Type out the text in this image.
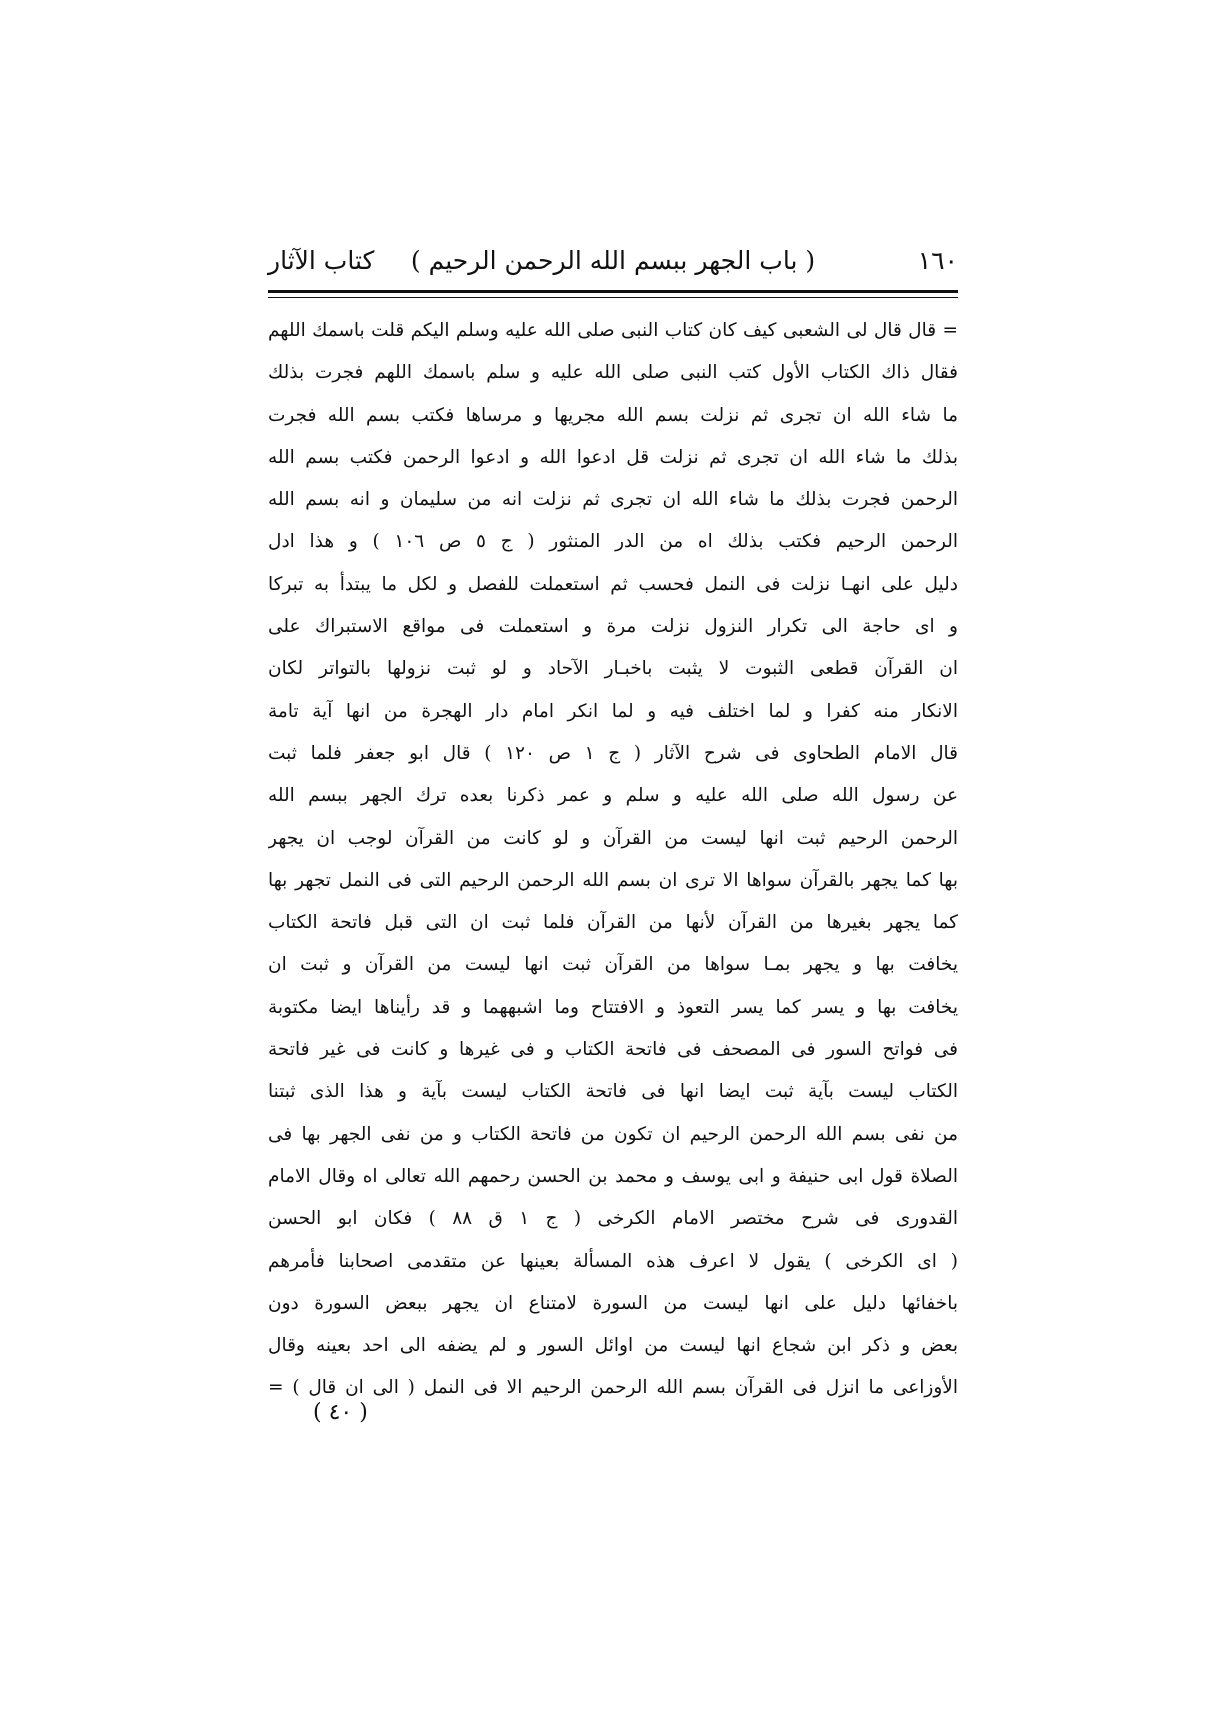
١٦٠
( باب الجهر ببسم الله الرحمن الرحيم )
كتاب الآثار
= قال قال لى الشعبى كيف كان كتاب النبى صلى الله عليه وسلم اليكم قلت باسمك اللهم
فقال ذاك الكتاب الأول كتب النبى صلى الله عليه و سلم باسمك اللهم فجرت بذلك
ما شاء الله ان تجرى ثم نزلت بسم الله مجريها و مرساها فكتب بسم الله فجرت
بذلك ما شاء الله ان تجرى ثم نزلت قل ادعوا الله و ادعوا الرحمن فكتب بسم الله
الرحمن فجرت بذلك ما شاء الله ان تجرى ثم نزلت انه من سليمان و انه بسم الله
الرحمن الرحيم فكتب بذلك اه من الدر المنثور ( ج ٥ ص ١٠٦ ) و هذا ادل
دليل على انهـا نزلت فى النمل فحسب ثم استعملت للفصل و لكل ما يبتدأ به تبركا
و اى حاجة الى تكرار النزول نزلت مرة و استعملت فى مواقع الاستبراك على
ان القرآن قطعى الثبوت لا يثبت باخبـار الآحاد و لو ثبت نزولها بالتواتر لكان
الانكار منه كفرا و لما اختلف فيه و لما انكر امام دار الهجرة من انها آية تامة
قال الامام الطحاوى فى شرح الآثار ( ج ١ ص ١٢٠ ) قال ابو جعفر فلما ثبت
عن رسول الله صلى الله عليه و سلم و عمر ذكرنا بعده ترك الجهر ببسم الله
الرحمن الرحيم ثبت انها ليست من القرآن و لو كانت من القرآن لوجب ان يجهر
بها كما يجهر بالقرآن سواها الا ترى ان بسم الله الرحمن الرحيم التى فى النمل تجهر بها
كما يجهر بغيرها من القرآن لأنها من القرآن فلما ثبت ان التى قبل فاتحة الكتاب
يخافت بها و يجهر بمـا سواها من القرآن ثبت انها ليست من القرآن و ثبت ان
يخافت بها و يسر كما يسر التعوذ و الافتتاح وما اشبههما و قد رأيناها ايضا مكتوبة
فى فواتح السور فى المصحف فى فاتحة الكتاب و فى غيرها و كانت فى غير فاتحة
الكتاب ليست بآية ثبت ايضا انها فى فاتحة الكتاب ليست بآية و هذا الذى ثبتنا
من نفى بسم الله الرحمن الرحيم ان تكون من فاتحة الكتاب و من نفى الجهر بها فى
الصلاة قول ابى حنيفة و ابى يوسف و محمد بن الحسن رحمهم الله تعالى اه وقال الامام
القدورى فى شرح مختصر الامام الكرخى ( ج ١ ق ٨٨ ) فكان ابو الحسن
( اى الكرخى ) يقول لا اعرف هذه المسألة بعينها عن متقدمى اصحابنا فأمرهم
باخفائها دليل على انها ليست من السورة لامتناع ان يجهر ببعض السورة دون
بعض و ذكر ابن شجاع انها ليست من اوائل السور و لم يضفه الى احد بعينه وقال
الأوزاعى ما انزل فى القرآن بسم الله الرحمن الرحيم الا فى النمل ( الى ان قال ) =
( ٤٠ )
